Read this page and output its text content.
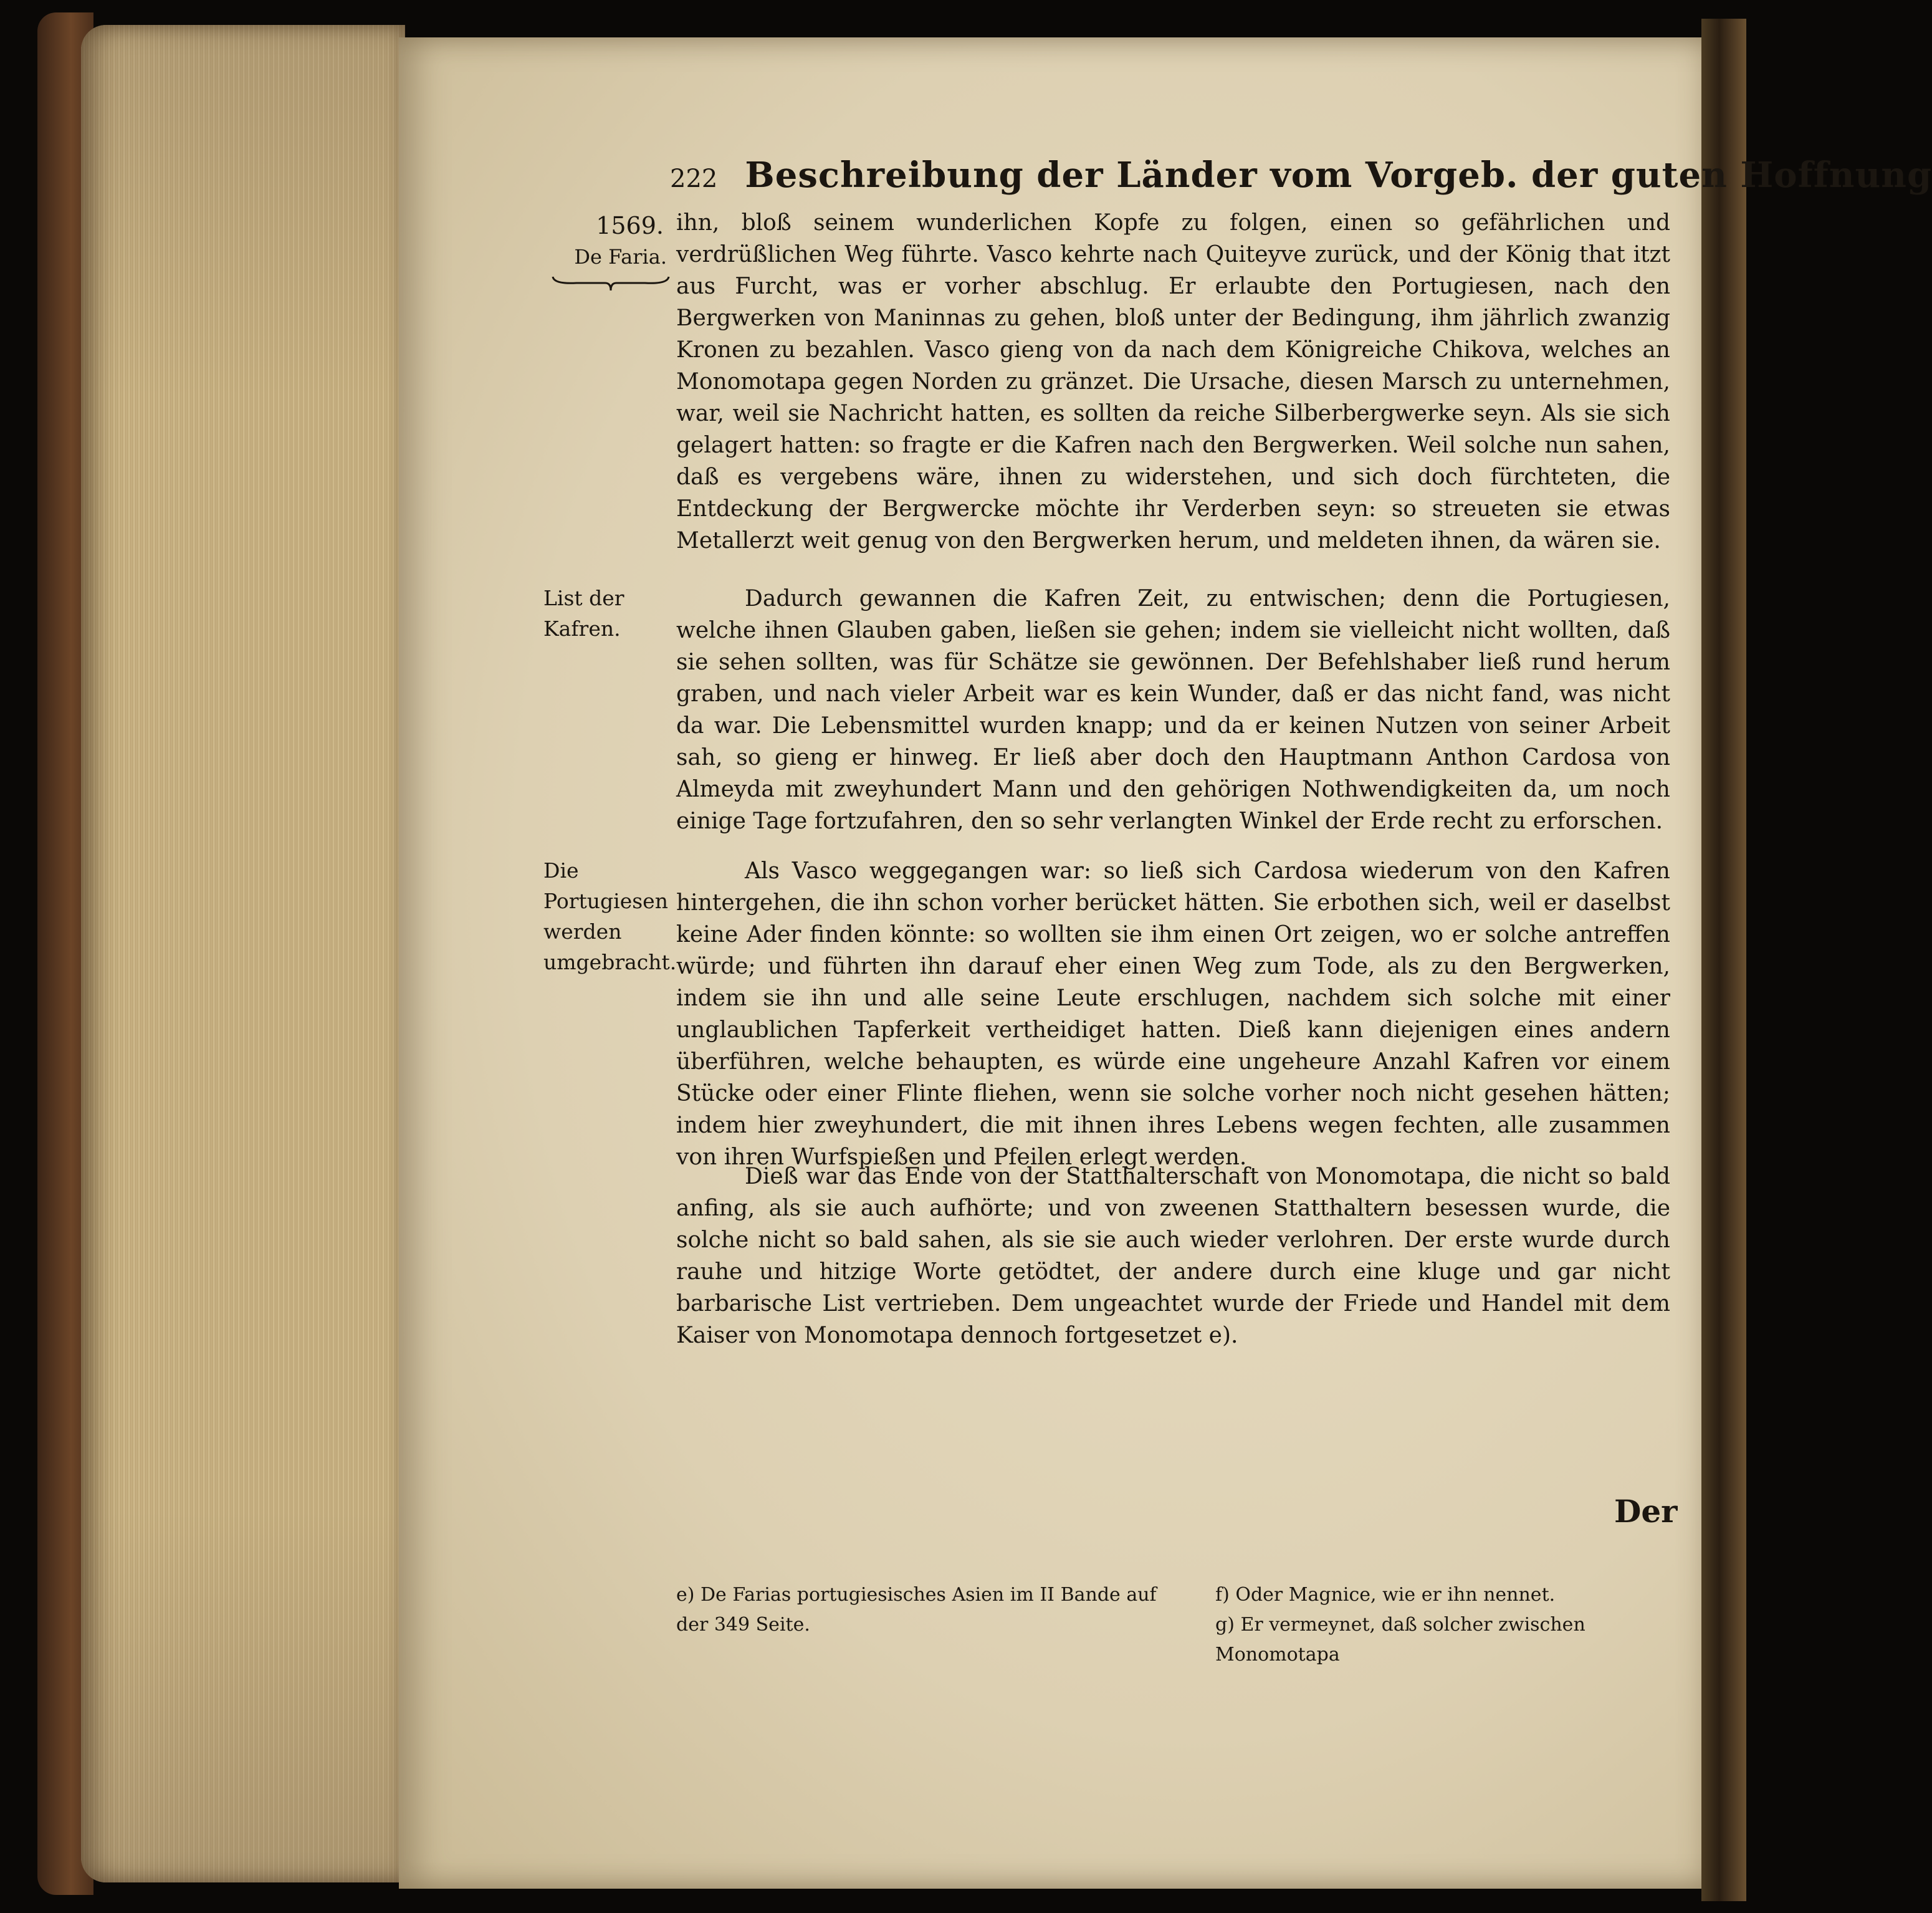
222 Beschreibung der Länder vom Vorgeb. der guten Hoffnung
1569.
De Faria.
List der Kafren.
Die Portugiesen werden umgebracht.

ihn, bloß seinem wunderlichen Kopfe zu folgen, einen so gefährlichen und verdrüßlichen Weg führte. Vasco kehrte nach Quiteyve zurück, und der König that itzt aus Furcht, was er vorher abschlug. Er erlaubte den Portugiesen, nach den Bergwerken von Maninnas zu gehen, bloß unter der Bedingung, ihm jährlich zwanzig Kronen zu bezahlen. Vasco gieng von da nach dem Königreiche Chikova, welches an Monomotapa gegen Norden zu gränzet. Die Ursache, diesen Marsch zu unternehmen, war, weil sie Nachricht hatten, es sollten da reiche Silberbergwerke seyn. Als sie sich gelagert hatten: so fragte er die Kafren nach den Bergwerken. Weil solche nun sahen, daß es vergebens wäre, ihnen zu widerstehen, und sich doch fürchteten, die Entdeckung der Bergwercke möchte ihr Verderben seyn: so streueten sie etwas Metallerzt weit genug von den Bergwerken herum, und meldeten ihnen, da wären sie.

Dadurch gewannen die Kafren Zeit, zu entwischen; denn die Portugiesen, welche ihnen Glauben gaben, ließen sie gehen; indem sie vielleicht nicht wollten, daß sie sehen sollten, was für Schätze sie gewönnen. Der Befehlshaber ließ rund herum graben, und nach vieler Arbeit war es kein Wunder, daß er das nicht fand, was nicht da war. Die Lebensmittel wurden knapp; und da er keinen Nutzen von seiner Arbeit sah, so gieng er hinweg. Er ließ aber doch den Hauptmann Anthon Cardosa von Almeyda mit zweyhundert Mann und den gehörigen Nothwendigkeiten da, um noch einige Tage fortzufahren, den so sehr verlangten Winkel der Erde recht zu erforschen.

Als Vasco weggegangen war: so ließ sich Cardosa wiederum von den Kafren hintergehen, die ihn schon vorher berücket hätten. Sie erbothen sich, weil er daselbst keine Ader finden könnte: so wollten sie ihm einen Ort zeigen, wo er solche antreffen würde; und führten ihn darauf eher einen Weg zum Tode, als zu den Bergwerken, indem sie ihn und alle seine Leute erschlugen, nachdem sich solche mit einer unglaublichen Tapferkeit vertheidiget hatten. Dieß kann diejenigen eines andern überführen, welche behaupten, es würde eine ungeheure Anzahl Kafren vor einem Stücke oder einer Flinte fliehen, wenn sie solche vorher noch nicht gesehen hätten; indem hier zweyhundert, die mit ihnen ihres Lebens wegen fechten, alle zusammen von ihren Wurfspießen und Pfeilen erlegt werden.

Dieß war das Ende von der Statthalterschaft von Monomotapa, die nicht so bald anfing, als sie auch aufhörte; und von zweenen Statthaltern besessen wurde, die solche nicht so bald sahen, als sie sie auch wieder verlohren. Der erste wurde durch rauhe und hitzige Worte getödtet, der andere durch eine kluge und gar nicht barbarische List vertrieben. Dem ungeachtet wurde der Friede und Handel mit dem Kaiser von Monomotapa dennoch fortgesetzet e).

Der
e) De Farias portugiesisches Asien im II Bande auf der 349 Seite.
f) Oder Magnice, wie er ihn nennet.
g) Er vermeynet, daß solcher zwischen Monomotapa
